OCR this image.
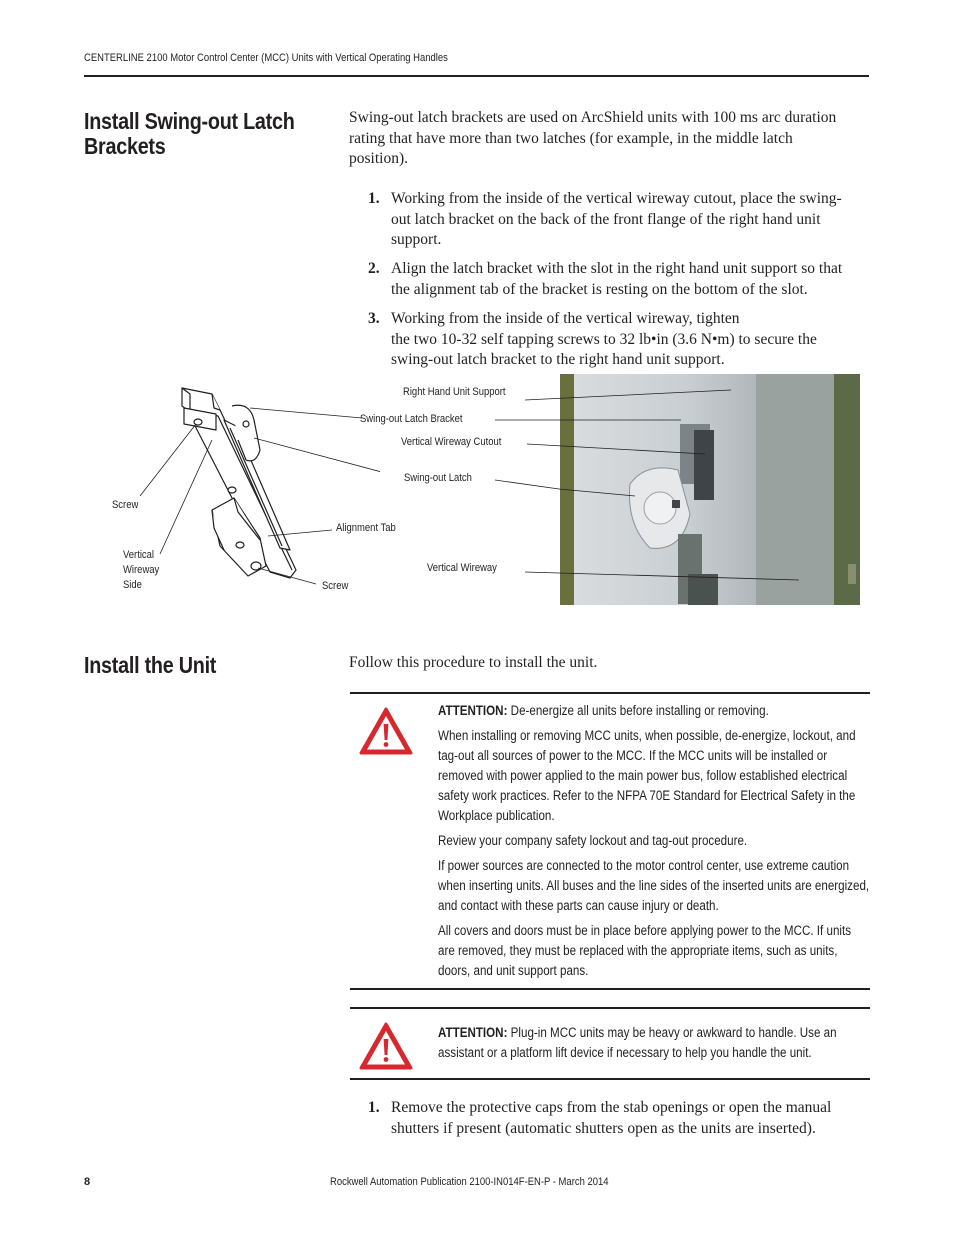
CENTERLINE 2100 Motor Control Center (MCC) Units with Vertical Operating Handles
Install Swing-out Latch
Brackets
Swing-out latch brackets are used on ArcShield units with 100 ms arc duration
rating that have more than two latches (for example, in the middle latch
position).
1. Working from the inside of the vertical wireway cutout, place the swing-
out latch bracket on the back of the front flange of the right hand unit
support.
2. Align the latch bracket with the slot in the right hand unit support so that
the alignment tab of the bracket is resting on the bottom of the slot.
3. Working from the inside of the vertical wireway, tighten
the two 10-32 self tapping screws to 32 lb•in (3.6 N•m) to secure the
swing-out latch bracket to the right hand unit support.
Swing-out Latch Bracket
Screw
Vertical
Wireway
Side
Alignment Tab
Screw
Right Hand Unit Support
Vertical Wireway Cutout
Swing-out Latch
Vertical Wireway
Install the Unit	Follow this procedure to install the unit.

ATTENTION: De-energize all units before installing or removing.

When installing or removing MCC units, when possible, de-energize, lockout, and tag-out all sources of power to the MCC. If the MCC units will be installed or removed with power applied to the main power bus, follow established electrical safety work practices. Refer to the NFPA 70E Standard for Electrical Safety in the Workplace publication.

Review your company safety lockout and tag-out procedure.

If power sources are connected to the motor control center, use extreme caution when inserting units. All buses and the line sides of the inserted units are energized, and contact with these parts can cause injury or death.

All covers and doors must be in place before applying power to the MCC. If units are removed, they must be replaced with the appropriate items, such as units, doors, and unit support pans.

ATTENTION: Plug-in MCC units may be heavy or awkward to handle. Use an assistant or a platform lift device if necessary to help you handle the unit.

1. Remove the protective caps from the stab openings or open the manual
shutters if present (automatic shutters open as the units are inserted).
8	Rockwell Automation Publication 2100-IN014F-EN-P - March 2014
